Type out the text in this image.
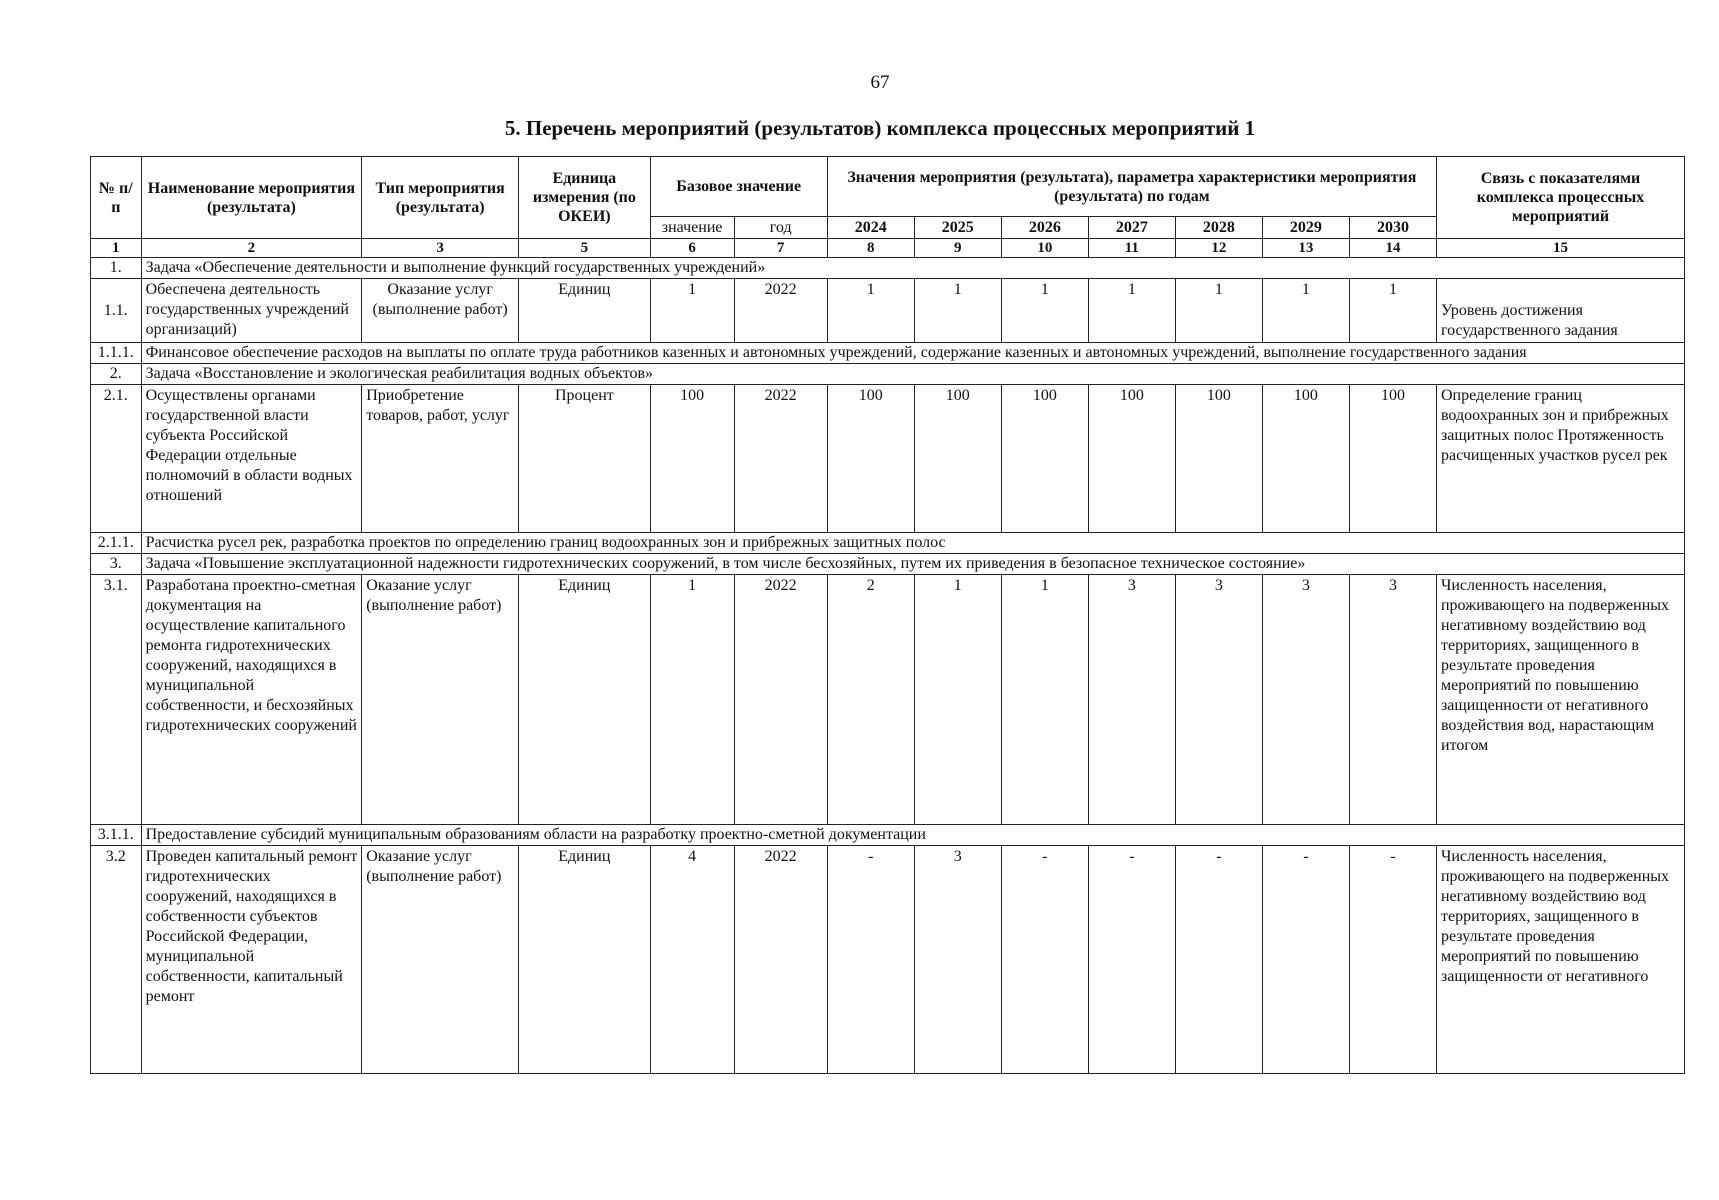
67
5. Перечень мероприятий (результатов) комплекса процессных мероприятий 1
№ п/п	Наименование мероприятия (результата)	Тип мероприятия (результата)	Единица измерения (по ОКЕИ)	Базовое значение		Значения мероприятия (результата), параметра характеристики мероприятия (результата) по годам							Связь с показателями комплекса процессных мероприятий
				значение	год	2024	2025	2026	2027	2028	2029	2030	
1	2	3	5	6	7	8	9	10	11	12	13	14	15
1.	Задача «Обеспечение деятельности и выполнение функций государственных учреждений»												
1.1.	Обеспечена деятельность государственных учреждений организаций)	Оказание услуг (выполнение работ)	Единиц	1	2022	1	1	1	1	1	1	1	Уровень достижения государственного задания
1.1.1.	Финансовое обеспечение расходов на выплаты по оплате труда работников казенных и автономных учреждений, содержание казенных и автономных учреждений, выполнение государственного задания												
2.	Задача «Восстановление и экологическая реабилитация водных объектов»												
2.1.	Осуществлены органами государственной власти субъекта Российской Федерации отдельные полномочий в области водных отношений	Приобретение товаров, работ, услуг	Процент	100	2022	100	100	100	100	100	100	100	Определение границ водоохранных зон и прибрежных защитных полос Протяженность расчищенных участков русел рек
2.1.1.	Расчистка русел рек, разработка проектов по определению границ водоохранных зон и прибрежных защитных полос												
3.	Задача «Повышение эксплуатационной надежности гидротехнических сооружений, в том числе бесхозяйных, путем их приведения в безопасное техническое состояние»												
3.1.	Разработана проектно-сметная документация на осуществление капитального ремонта гидротехнических сооружений, находящихся в муниципальной собственности, и бесхозяйных гидротехнических сооружений	Оказание услуг (выполнение работ)	Единиц	1	2022	2	1	1	3	3	3	3	Численность населения, проживающего на подверженных негативному воздействию вод территориях, защищенного в результате проведения мероприятий по повышению защищенности от негативного воздействия вод, нарастающим итогом
3.1.1.	Предоставление субсидий муниципальным образованиям области на разработку проектно-сметной документации												
3.2	Проведен капитальный ремонт гидротехнических сооружений, находящихся в собственности субъектов Российской Федерации, муниципальной собственности, капитальный ремонт	Оказание услуг (выполнение работ)	Единиц	4	2022	-	3	-	-	-	-	-	Численность населения, проживающего на подверженных негативному воздействию вод территориях, защищенного в результате проведения мероприятий по повышению защищенности от негативного
